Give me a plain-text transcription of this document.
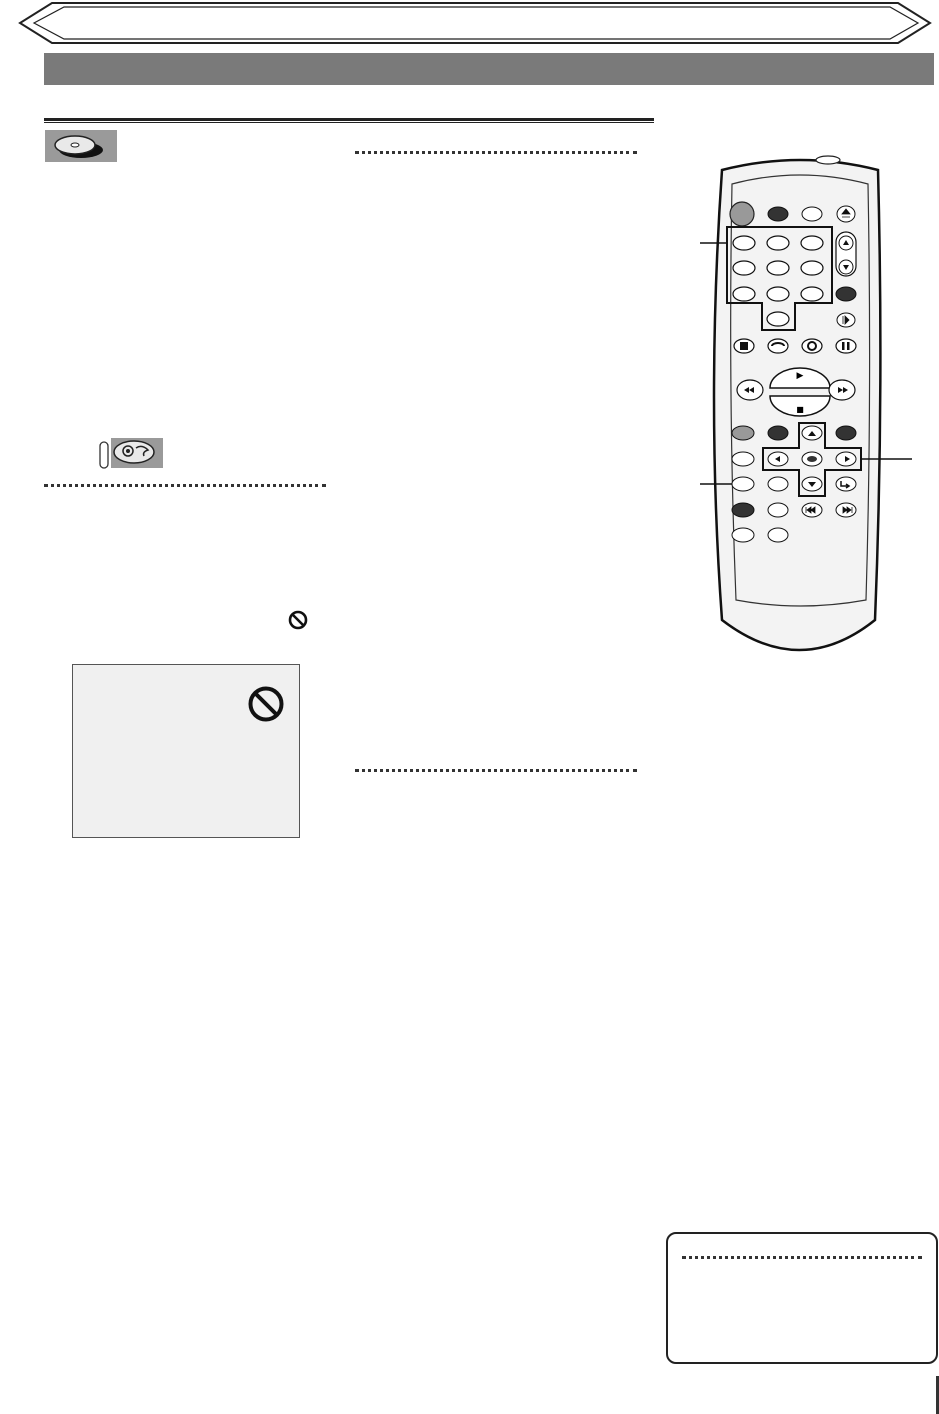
▶
■
